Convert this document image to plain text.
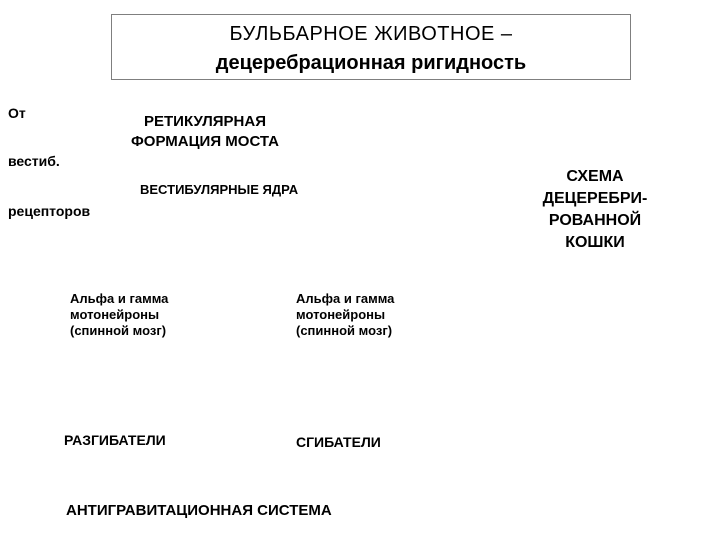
БУЛЬБАРНОЕ ЖИВОТНОЕ –
децеребрационная ригидность
От
вестиб.
рецепторов
РЕТИКУЛЯРНАЯ
ФОРМАЦИЯ МОСТА
ВЕСТИБУЛЯРНЫЕ ЯДРА
СХЕМА
ДЕЦЕРЕБРИ-
РОВАННОЙ
КОШКИ
Альфа и гамма
мотонейроны
(спинной мозг)
Альфа и гамма
мотонейроны
(спинной мозг)
РАЗГИБАТЕЛИ	СГИБАТЕЛИ
АНТИГРАВИТАЦИОННАЯ СИСТЕМА
